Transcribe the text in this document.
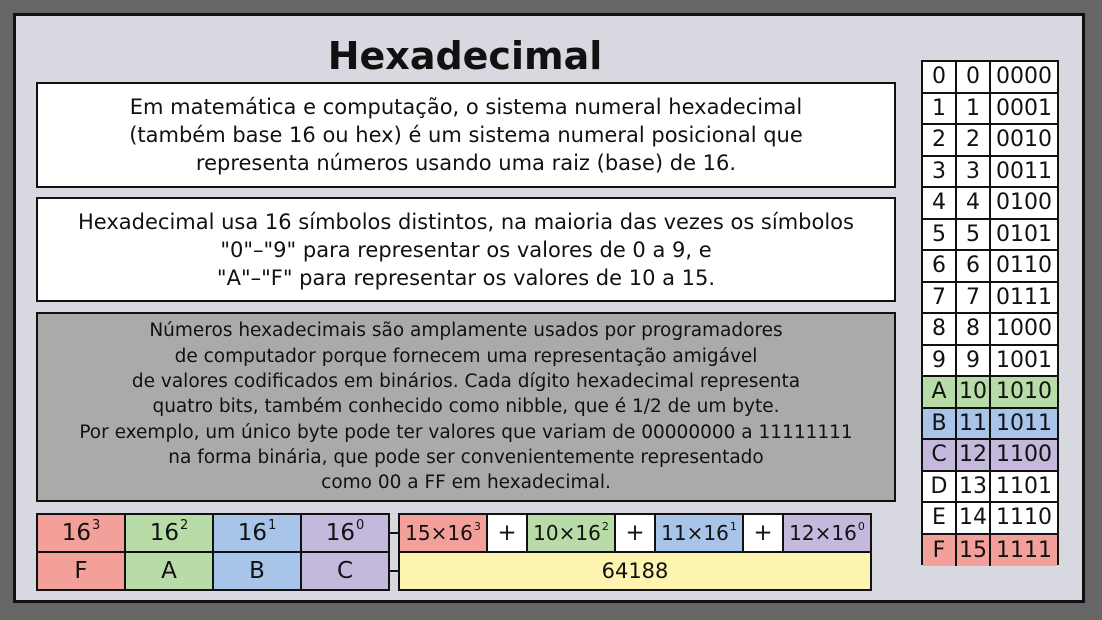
Hexadecimal

Em matemática e computação, o sistema numeral hexadecimal
(também base 16 ou hex) é um sistema numeral posicional que
representa números usando uma raiz (base) de 16.

Hexadecimal usa 16 símbolos distintos, na maioria das vezes os símbolos
"0"–"9" para representar os valores de 0 a 9, e
"A"–"F" para representar os valores de 10 a 15.

Números hexadecimais são amplamente usados por programadores
de computador porque fornecem uma representação amigável
de valores codificados em binários. Cada dígito hexadecimal representa
quatro bits, também conhecido como nibble, que é 1/2 de um byte.
Por exemplo, um único byte pode ter valores que variam de 00000000 a 11111111
na forma binária, que pode ser convenientemente representado
como 00 a FF em hexadecimal.

$16^3$
F
$16^2$
A
$16^1$
B
$16^0$
C
$15 \times 16^3 + 10 \times 16^2 + 11 \times 16^1 + 12 \times 16^0$
64188
0 0 0000
1 1 0001
2 2 0010
3 3 0011
4 4 0100
5 5 0101
6 6 0110
7 7 0111
8 8 1000
9 9 1001
A 10 1010
B 11 1011
C 12 1100
D 13 1101
E 14 1110
F 15 1111
